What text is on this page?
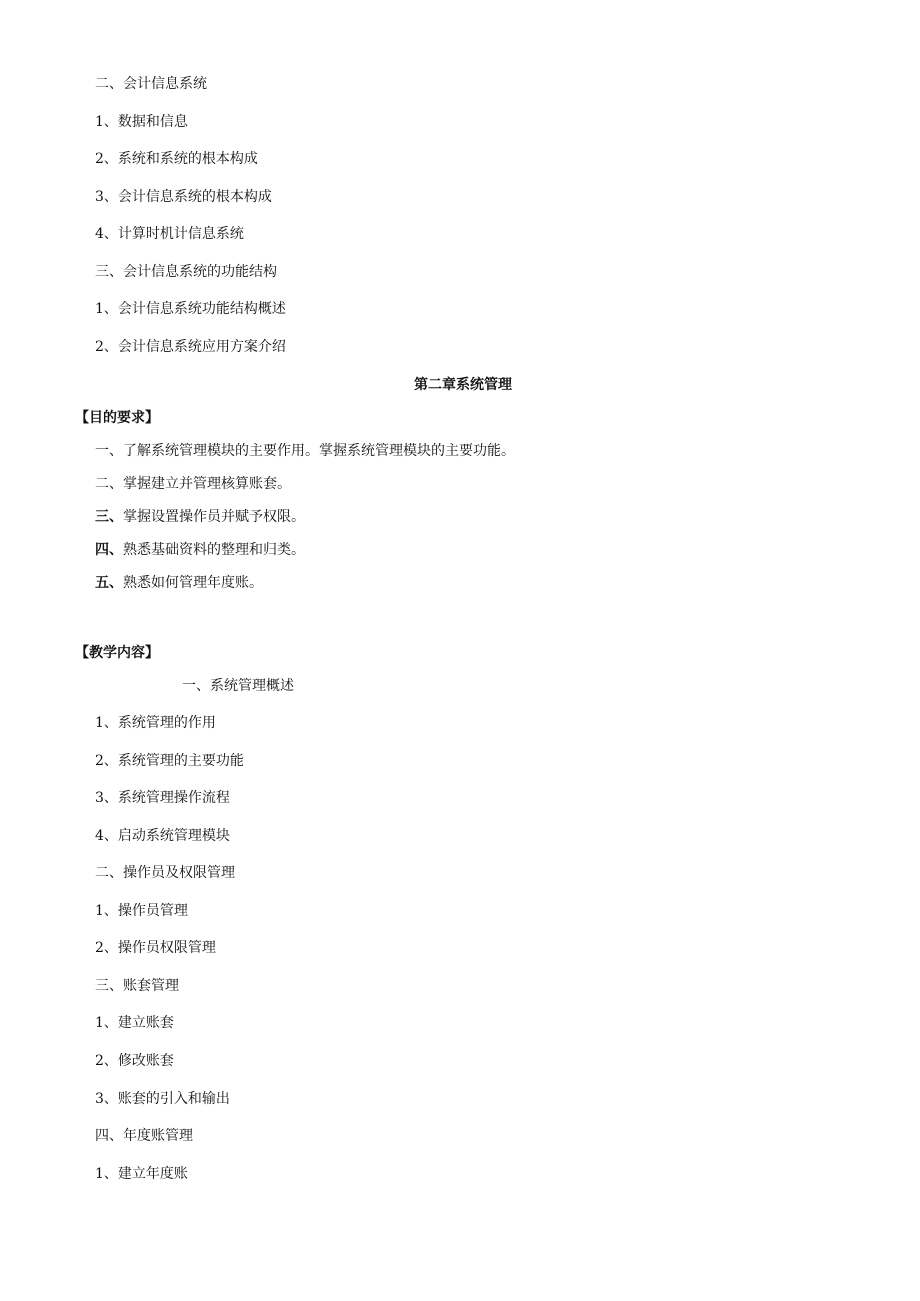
二、会计信息系统
1、数据和信息
2、系统和系统的根本构成
3、会计信息系统的根本构成
4、计算时机计信息系统
三、会计信息系统的功能结构
1、会计信息系统功能结构概述
2、会计信息系统应用方案介绍
第二章系统管理
【目的要求】
一、了解系统管理模块的主要作用。掌握系统管理模块的主要功能。
二、掌握建立并管理核算账套。
三、掌握设置操作员并赋予权限。
四、熟悉基础资料的整理和归类。
五、熟悉如何管理年度账。
【教学内容】
一、系统管理概述
1、系统管理的作用
2、系统管理的主要功能
3、系统管理操作流程
4、启动系统管理模块
二、操作员及权限管理
1、操作员管理
2、操作员权限管理
三、账套管理
1、建立账套
2、修改账套
3、账套的引入和输出
四、年度账管理
1、建立年度账
